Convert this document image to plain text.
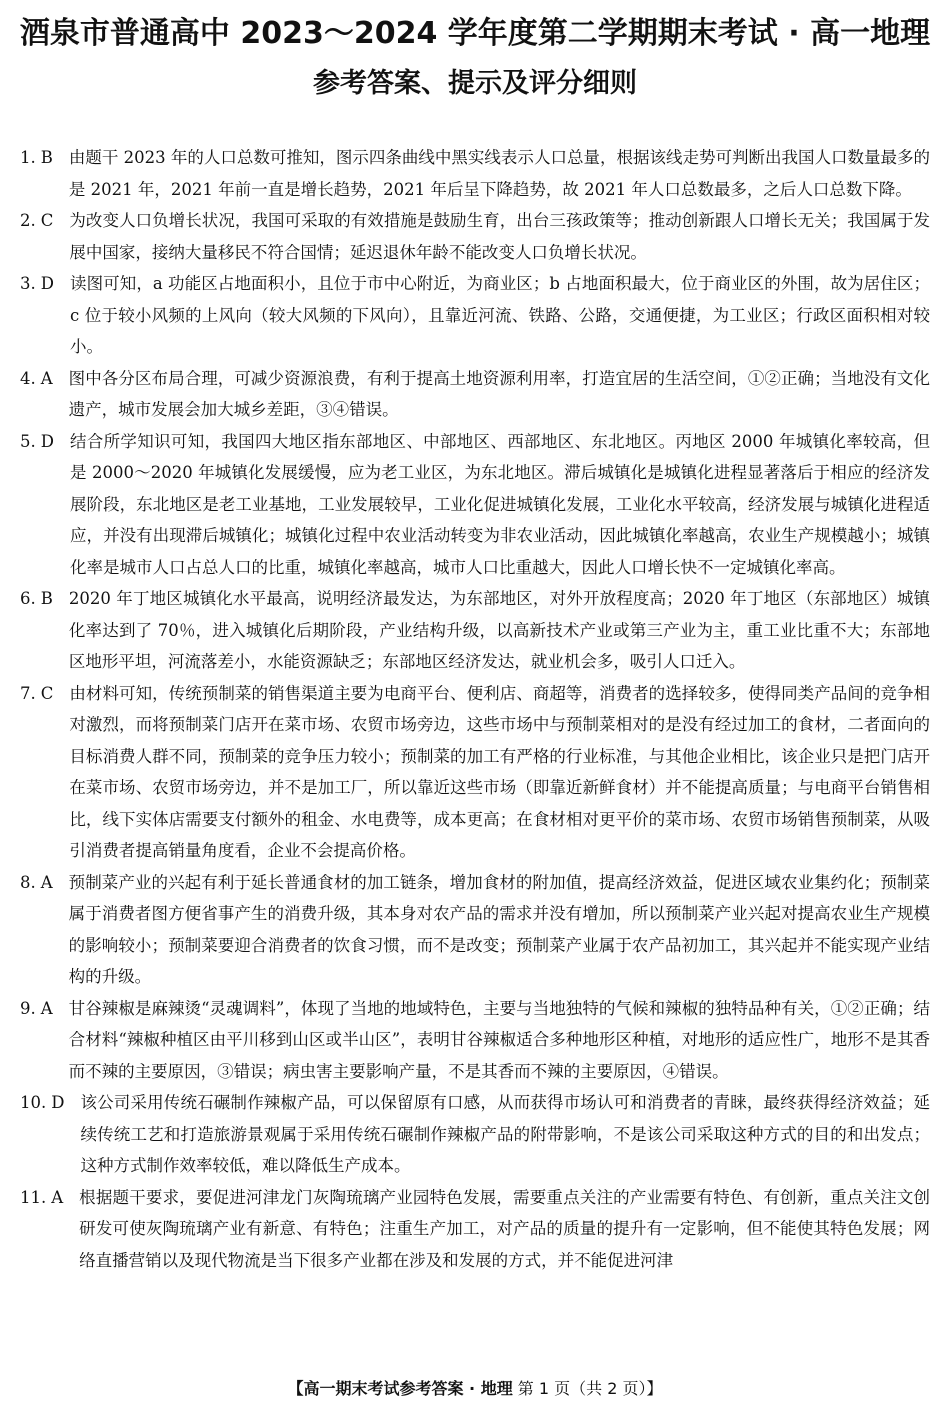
酒泉市普通高中 2023～2024 学年度第二学期期末考试 · 高一地理
参考答案、提示及评分细则
1. B 由题干 2023 年的人口总数可推知，图示四条曲线中黑实线表示人口总量，根据该线走势可判断出我国人口数量最多的是 2021 年，2021 年前一直是增长趋势，2021 年后呈下降趋势，故 2021 年人口总数最多，之后人口总数下降。
2. C 为改变人口负增长状况，我国可采取的有效措施是鼓励生育，出台三孩政策等；推动创新跟人口增长无关；我国属于发展中国家，接纳大量移民不符合国情；延迟退休年龄不能改变人口负增长状况。
3. D 读图可知，a 功能区占地面积小，且位于市中心附近，为商业区；b 占地面积最大，位于商业区的外围，故为居住区；c 位于较小风频的上风向（较大风频的下风向），且靠近河流、铁路、公路，交通便捷，为工业区；行政区面积相对较小。
4. A 图中各分区布局合理，可减少资源浪费，有利于提高土地资源利用率，打造宜居的生活空间，①②正确；当地没有文化遗产，城市发展会加大城乡差距，③④错误。
5. D 结合所学知识可知，我国四大地区指东部地区、中部地区、西部地区、东北地区。丙地区 2000 年城镇化率较高，但是 2000～2020 年城镇化发展缓慢，应为老工业区，为东北地区。滞后城镇化是城镇化进程显著落后于相应的经济发展阶段，东北地区是老工业基地，工业发展较早，工业化促进城镇化发展，工业化水平较高，经济发展与城镇化进程适应，并没有出现滞后城镇化；城镇化过程中农业活动转变为非农业活动，因此城镇化率越高，农业生产规模越小；城镇化率是城市人口占总人口的比重，城镇化率越高，城市人口比重越大，因此人口增长快不一定城镇化率高。
6. B 2020 年丁地区城镇化水平最高，说明经济最发达，为东部地区，对外开放程度高；2020 年丁地区（东部地区）城镇化率达到了 70％，进入城镇化后期阶段，产业结构升级，以高新技术产业或第三产业为主，重工业比重不大；东部地区地形平坦，河流落差小，水能资源缺乏；东部地区经济发达，就业机会多，吸引人口迁入。
7. C 由材料可知，传统预制菜的销售渠道主要为电商平台、便利店、商超等，消费者的选择较多，使得同类产品间的竞争相对激烈，而将预制菜门店开在菜市场、农贸市场旁边，这些市场中与预制菜相对的是没有经过加工的食材，二者面向的目标消费人群不同，预制菜的竞争压力较小；预制菜的加工有严格的行业标准，与其他企业相比，该企业只是把门店开在菜市场、农贸市场旁边，并不是加工厂，所以靠近这些市场（即靠近新鲜食材）并不能提高质量；与电商平台销售相比，线下实体店需要支付额外的租金、水电费等，成本更高；在食材相对更平价的菜市场、农贸市场销售预制菜，从吸引消费者提高销量角度看，企业不会提高价格。
8. A 预制菜产业的兴起有利于延长普通食材的加工链条，增加食材的附加值，提高经济效益，促进区域农业集约化；预制菜属于消费者图方便省事产生的消费升级，其本身对农产品的需求并没有增加，所以预制菜产业兴起对提高农业生产规模的影响较小；预制菜要迎合消费者的饮食习惯，而不是改变；预制菜产业属于农产品初加工，其兴起并不能实现产业结构的升级。
9. A 甘谷辣椒是麻辣烫“灵魂调料”，体现了当地的地域特色，主要与当地独特的气候和辣椒的独特品种有关，①②正确；结合材料“辣椒种植区由平川移到山区或半山区”，表明甘谷辣椒适合多种地形区种植，对地形的适应性广，地形不是其香而不辣的主要原因，③错误；病虫害主要影响产量，不是其香而不辣的主要原因，④错误。
10. D 该公司采用传统石碾制作辣椒产品，可以保留原有口感，从而获得市场认可和消费者的青睐，最终获得经济效益；延续传统工艺和打造旅游景观属于采用传统石碾制作辣椒产品的附带影响，不是该公司采取这种方式的目的和出发点；这种方式制作效率较低，难以降低生产成本。
11. A 根据题干要求，要促进河津龙门灰陶琉璃产业园特色发展，需要重点关注的产业需要有特色、有创新，重点关注文创研发可使灰陶琉璃产业有新意、有特色；注重生产加工，对产品的质量的提升有一定影响，但不能使其特色发展；网络直播营销以及现代物流是当下很多产业都在涉及和发展的方式，并不能促进河津
【高一期末考试参考答案 · 地理 第 1 页（共 2 页）】
